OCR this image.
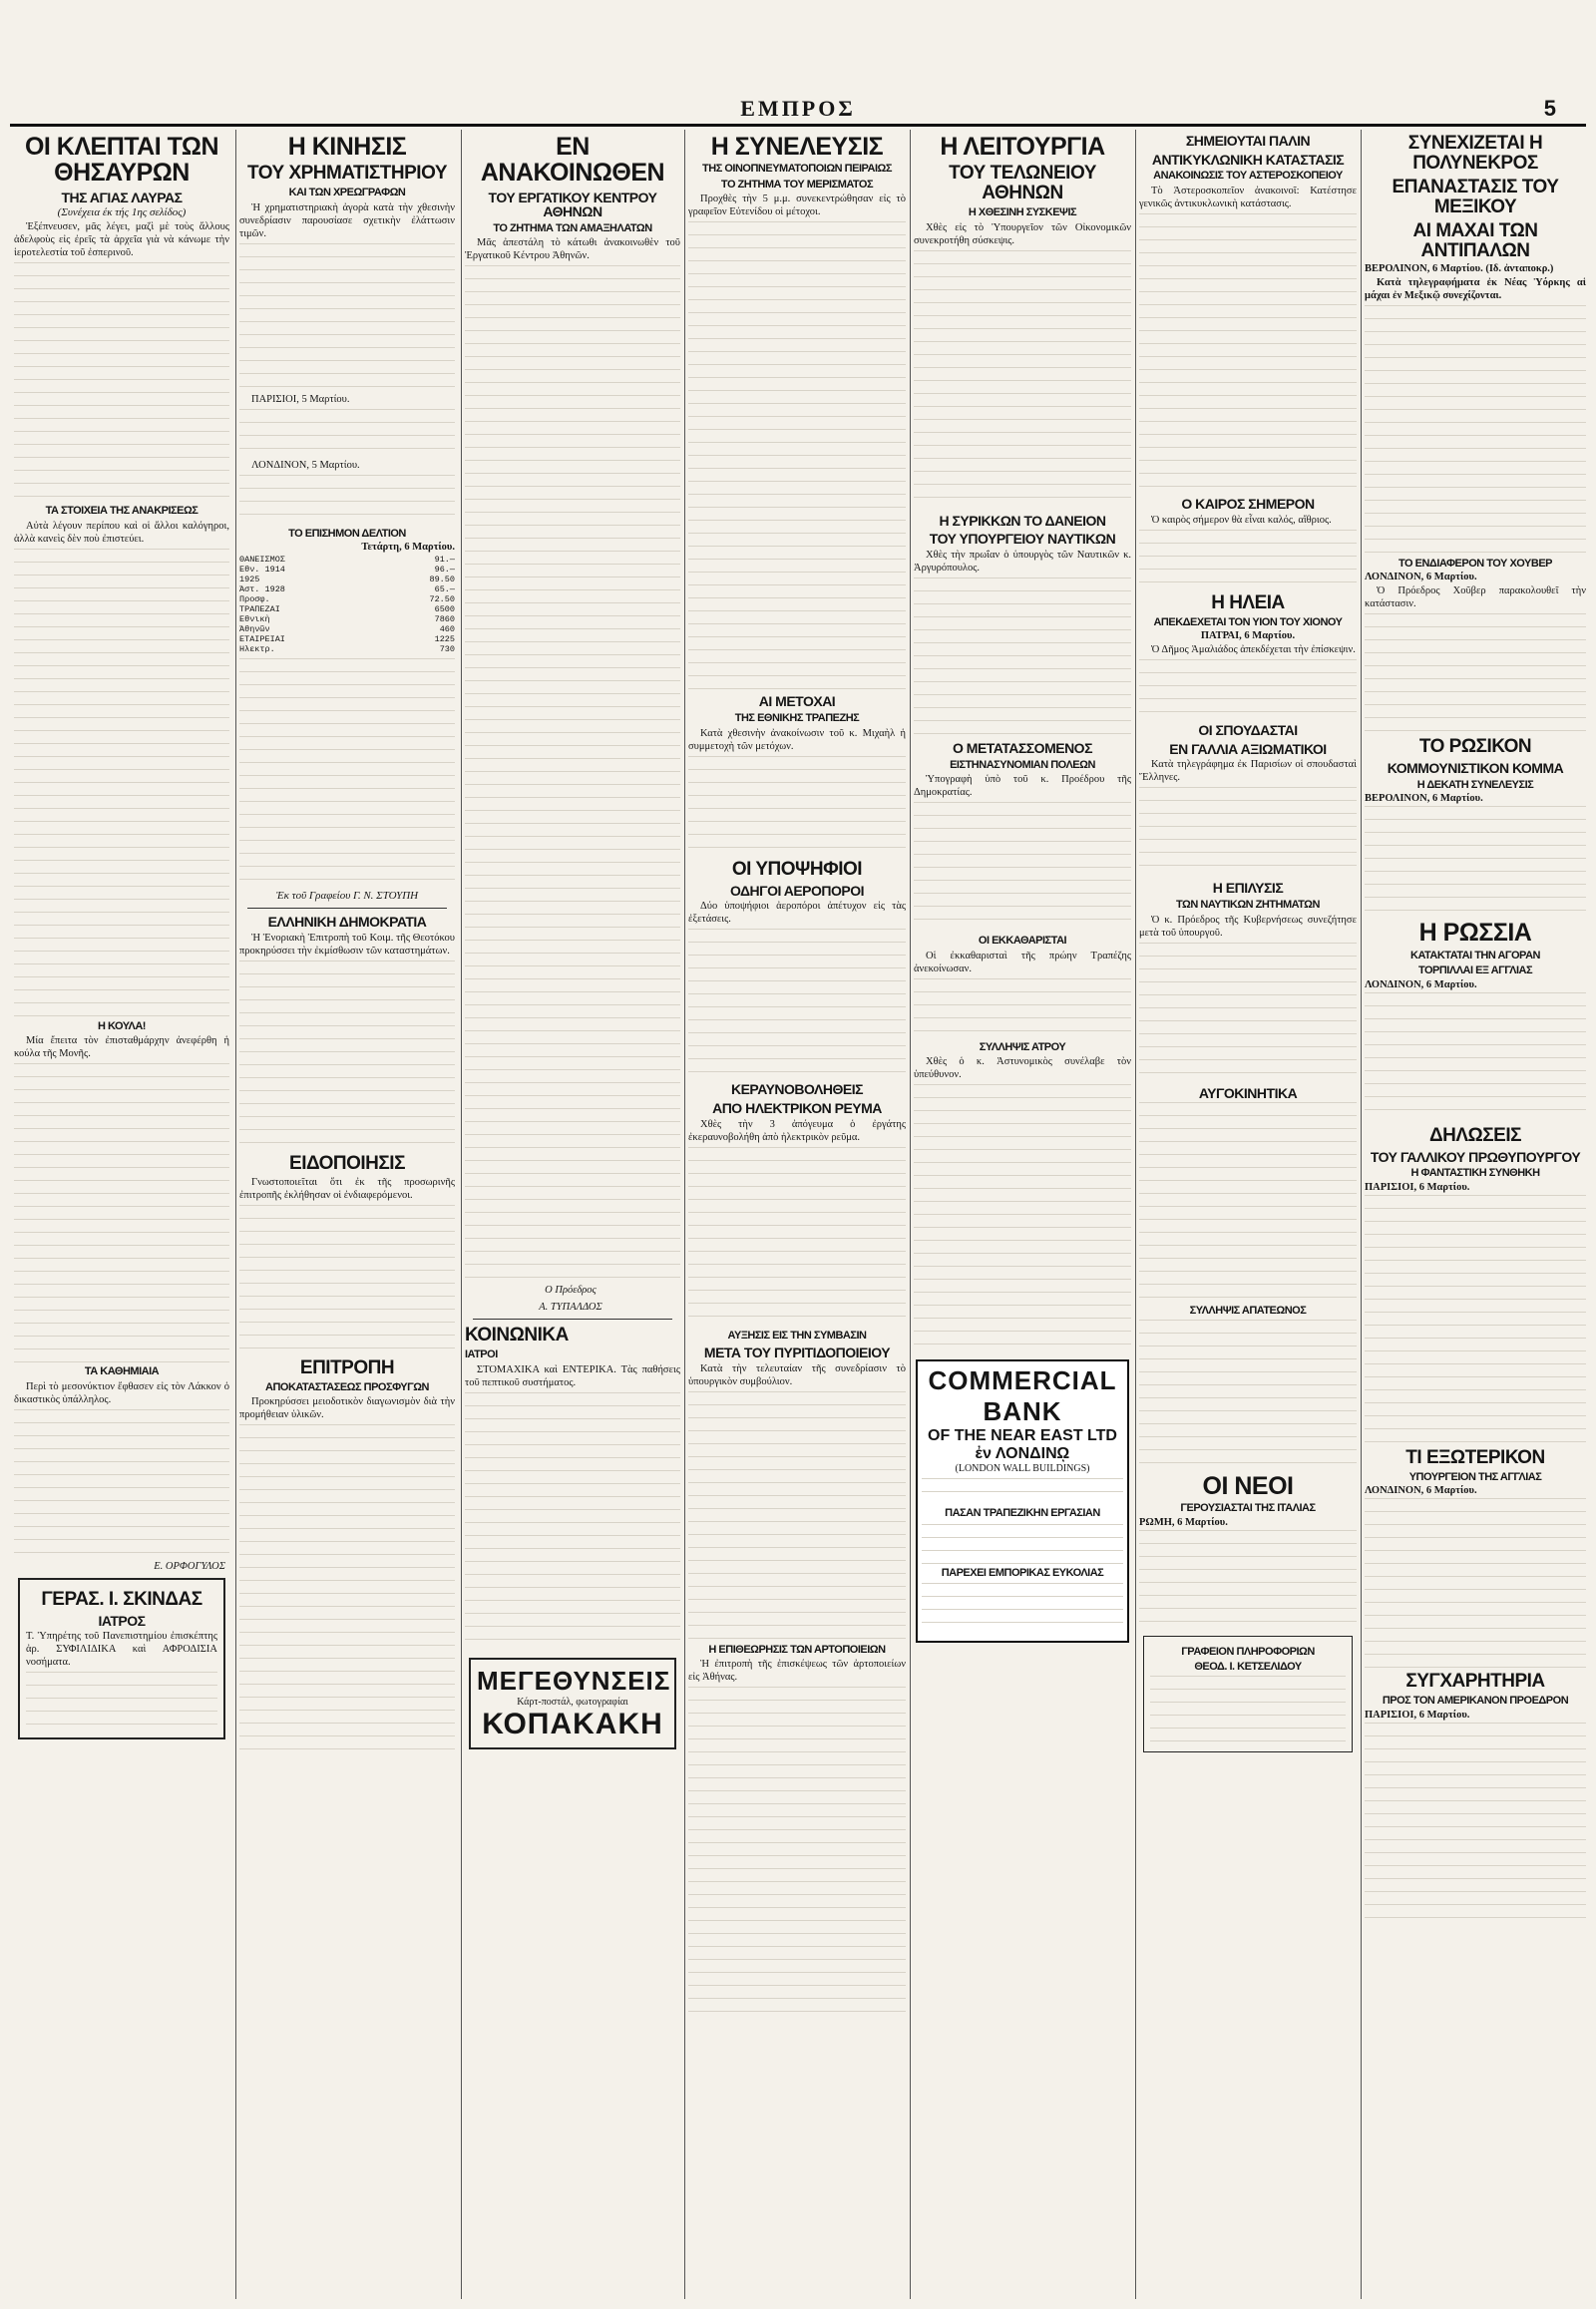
ΕΜΠΡΟΣ	5
ΟΙ ΚΛΕΠΤΑΙ ΤΩΝ ΘΗΣΑΥΡΩΝ
ΤΗΣ ΑΓΙΑΣ ΛΑΥΡΑΣ
(Συνέχεια έκ τής 1ης σελίδος)
Ἐξέπνευσεν, μᾶς λέγει, μαζὶ μὲ τοὺς ἄλλους ἀδελφοὺς εἰς ἐρεῖς τὰ ἀρχεῖα γιὰ νὰ κάνωμε τὴν ἱεροτελεστία τοῦ ἐσπερινοῦ.
ΤΑ ΣΤΟΙΧΕΙΑ ΤΗΣ ΑΝΑΚΡΙΣΕΩΣ
Αὐτὰ λέγουν περίπου καὶ οἱ ἄλλοι καλόγηροι, ἀλλὰ κανεὶς δὲν ποὺ ἐπιστεύει.
Η ΚΟΥΛΑ!
Μία ἔπειτα τὸν ἐπισταθμάρχην ἀνεφέρθη ἡ κούλα τῆς Μονῆς.
ΤΑ ΚΑΘΗΜΙΑΙΑ
Περὶ τὸ μεσονύκτιον ἔφθασεν εἰς τὸν Λάκκον ὁ δικαστικὸς ὑπάλληλος.
Ε. ΟΡΦΟΓΥΛΟΣ
ΓΕΡΑΣ. Ι. ΣΚΙΝΔΑΣ
ΙΑΤΡΟΣ
Τ. Ὑπηρέτης τοῦ Πανεπιστημίου ἐπισκέπτης ἀρ. ΣΥΦΙΛΙΔΙΚΑ καὶ ΑΦΡΟΔΙΣΙΑ νοσήματα.
Η ΚΙΝΗΣΙΣ
ΤΟΥ ΧΡΗΜΑΤΙΣΤΗΡΙΟΥ
ΚΑΙ ΤΩΝ ΧΡΕΩΓΡΑΦΩΝ
Ἡ χρηματιστηριακὴ ἀγορὰ κατὰ τὴν χθεσινὴν συνεδρίασιν παρουσίασε σχετικὴν ἐλάττωσιν τιμῶν.
ΠΑΡΙΣΙΟΙ, 5 Μαρτίου.
ΛΟΝΔΙΝΟΝ, 5 Μαρτίου.
ΤΟ ΕΠΙΣΗΜΟΝ ΔΕΛΤΙΟΝ
Τετάρτη, 6 Μαρτίου.
ΘΑΝΕΙΣΜΟΣ	91.—
Ἐθν. 1914	96.—
1925	89.50
Ἀστ. 1928	65.—
Προσφ.	72.50
ΤΡΑΠΕΖΑΙ	6500
Ἐθνικὴ	7860
Ἀθηνῶν	460
ΕΤΑΙΡΕΙΑΙ	1225
Ἡλεκτρ.	730
Ἐκ τοῦ Γραφείου Γ. Ν. ΣΤΟΥΠΗ
ΕΛΛΗΝΙΚΗ ΔΗΜΟΚΡΑΤΙΑ
Ἡ Ἐνοριακὴ Ἐπιτροπὴ τοῦ Κοιμ. τῆς Θεοτόκου προκηρύσσει τὴν ἐκμίσθωσιν τῶν καταστημάτων.
ΕΙΔΟΠΟΙΗΣΙΣ
Γνωστοποιεῖται ὅτι ἐκ τῆς προσωρινῆς ἐπιτροπῆς ἐκλήθησαν οἱ ἐνδιαφερόμενοι.
ΕΠΙΤΡΟΠΗ
ΑΠΟΚΑΤΑΣΤΑΣΕΩΣ ΠΡΟΣΦΥΓΩΝ
Προκηρύσσει μειοδοτικὸν διαγωνισμὸν διὰ τὴν προμήθειαν ὑλικῶν.
ΕΝ ΑΝΑΚΟΙΝΩΘΕΝ
ΤΟΥ ΕΡΓΑΤΙΚΟΥ ΚΕΝΤΡΟΥ ΑΘΗΝΩΝ
ΤΟ ΖΗΤΗΜΑ ΤΩΝ ΑΜΑΞΗΛΑΤΩΝ
Μᾶς ἀπεστάλη τὸ κάτωθι ἀνακοινωθὲν τοῦ Ἐργατικοῦ Κέντρου Ἀθηνῶν.
Ο Πρόεδρος
Α. ΤΥΠΑΛΔΟΣ
ΚΟΙΝΩΝΙΚΑ
ΙΑΤΡΟΙ
ΣΤΟΜΑΧΙΚΑ καὶ ΕΝΤΕΡΙΚΑ. Τὰς παθήσεις τοῦ πεπτικοῦ συστήματος.
ΜΕΓΕΘΥΝΣΕΙΣ
Κάρτ-ποστάλ, φωτογραφίαι
ΚΟΠΑΚΑΚΗ
Η ΣΥΝΕΛΕΥΣΙΣ
ΤΗΣ ΟΙΝΟΠΝΕΥΜΑΤΟΠΟΙΩΝ ΠΕΙΡΑΙΩΣ
ΤΟ ΖΗΤΗΜΑ ΤΟΥ ΜΕΡΙΣΜΑΤΟΣ
Προχθὲς τὴν 5 μ.μ. συνεκεντρώθησαν εἰς τὸ γραφεῖον Εὐτενίδου οἱ μέτοχοι.
ΑΙ ΜΕΤΟΧΑΙ
ΤΗΣ ΕΘΝΙΚΗΣ ΤΡΑΠΕΖΗΣ
Κατὰ χθεσινὴν ἀνακοίνωσιν τοῦ κ. Μιχαὴλ ἡ συμμετοχὴ τῶν μετόχων.
ΟΙ ΥΠΟΨΗΦΙΟΙ
ΟΔΗΓΟΙ ΑΕΡΟΠΟΡΟΙ
Δύο ὑποψήφιοι ἀεροπόροι ἀπέτυχον εἰς τὰς ἐξετάσεις.
ΚΕΡΑΥΝΟΒΟΛΗΘΕΙΣ
ΑΠΟ ΗΛΕΚΤΡΙΚΟΝ ΡΕΥΜΑ
Χθὲς τὴν 3 ἀπόγευμα ὁ ἐργάτης ἐκεραυνοβολήθη ἀπὸ ἠλεκτρικὸν ρεῦμα.
ΑΥΞΗΣΙΣ ΕΙΣ ΤΗΝ ΣΥΜΒΑΣΙΝ
ΜΕΤΑ ΤΟΥ ΠΥΡΙΤΙΔΟΠΟΙΕΙΟΥ
Κατὰ τὴν τελευταίαν τῆς συνεδρίασιν τὸ ὑπουργικὸν συμβούλιον.
Η ΕΠΙΘΕΩΡΗΣΙΣ ΤΩΝ ΑΡΤΟΠΟΙΕΙΩΝ
Ἡ ἐπιτροπὴ τῆς ἐπισκέψεως τῶν ἀρτοποιείων εἰς Ἀθήνας.
Η ΛΕΙΤΟΥΡΓΙΑ
ΤΟΥ ΤΕΛΩΝΕΙΟΥ ΑΘΗΝΩΝ
Η ΧΘΕΣΙΝΗ ΣΥΣΚΕΨΙΣ
Χθὲς εἰς τὸ Ὑπουργεῖον τῶν Οἰκονομικῶν συνεκροτήθη σύσκεψις.
Η ΣΥΡΙΚΚΩΝ ΤΟ ΔΑΝΕΙΟΝ
ΤΟΥ ΥΠΟΥΡΓΕΙΟΥ ΝΑΥΤΙΚΩΝ
Χθὲς τὴν πρωΐαν ὁ ὑπουργὸς τῶν Ναυτικῶν κ. Ἀργυρόπουλος.
Ο ΜΕΤΑΤΑΣΣΟΜΕΝΟΣ
ΕΙΣΤΗΝΑΣΥΝΟΜΙΑΝ ΠΟΛΕΩΝ
Ὑπογραφὴ ὑπὸ τοῦ κ. Προέδρου τῆς Δημοκρατίας.
ΟΙ ΕΚΚΑΘΑΡΙΣΤΑΙ
Οἱ ἐκκαθαρισταὶ τῆς πρώην Τραπέζης ἀνεκοίνωσαν.
ΣΥΛΛΗΨΙΣ ΑΤΡΟΥ
Χθὲς ὁ κ. Ἀστυνομικὸς συνέλαβε τὸν ὑπεύθυνον.
COMMERCIAL BANK
OF THE NEAR EAST LTD
ἐν ΛΟΝΔΙΝῼ
(LONDON WALL BUILDINGS)
ΠΑΣΑΝ ΤΡΑΠΕΖΙΚΗΝ ΕΡΓΑΣΙΑΝ
ΠΑΡΕΧΕΙ ΕΜΠΟΡΙΚΑΣ ΕΥΚΟΛΙΑΣ
ΣΗΜΕΙΟΥΤΑΙ ΠΑΛΙΝ
ΑΝΤΙΚΥΚΛΩΝΙΚΗ ΚΑΤΑΣΤΑΣΙΣ
ΑΝΑΚΟΙΝΩΣΙΣ ΤΟΥ ΑΣΤΕΡΟΣΚΟΠΕΙΟΥ
Τὸ Ἀστεροσκοπεῖον ἀνακοινοῖ: Κατέστησε γενικῶς ἀντικυκλωνικὴ κατάστασις.
Ο ΚΑΙΡΟΣ ΣΗΜΕΡΟΝ
Ὁ καιρὸς σήμερον θὰ εἶναι καλός, αἴθριος.
Η ΗΛΕΙΑ
ΑΠΕΚΔΕΧΕΤΑΙ ΤΟΝ ΥΙΟΝ ΤΟΥ ΧΙΟΝΟΥ
ΠΑΤΡΑΙ, 6 Μαρτίου.
Ὁ Δῆμος Ἀμαλιάδος ἀπεκδέχεται τὴν ἐπίσκεψιν.
ΟΙ ΣΠΟΥΔΑΣΤΑΙ
ΕΝ ΓΑΛΛΙΑ ΑΞΙΩΜΑΤΙΚΟΙ
Κατὰ τηλεγράφημα ἐκ Παρισίων οἱ σπουδασταὶ Ἕλληνες.
Η ΕΠΙΛΥΣΙΣ
ΤΩΝ ΝΑΥΤΙΚΩΝ ΖΗΤΗΜΑΤΩΝ
Ὁ κ. Πρόεδρος τῆς Κυβερνήσεως συνεζήτησε μετὰ τοῦ ὑπουργοῦ.
ΑΥΓΟΚΙΝΗΤΙΚΑ
ΣΥΛΛΗΨΙΣ ΑΠΑΤΕΩΝΟΣ
ΟΙ ΝΕΟΙ
ΓΕΡΟΥΣΙΑΣΤΑΙ ΤΗΣ ΙΤΑΛΙΑΣ
ΡΩΜΗ, 6 Μαρτίου.
ΓΡΑΦΕΙΟΝ ΠΛΗΡΟΦΟΡΙΩΝ
ΘΕΟΔ. Ι. ΚΕΤΣΕΛΙΔΟΥ
ΣΥΝΕΧΙΖΕΤΑΙ Η ΠΟΛΥΝΕΚΡΟΣ
ΕΠΑΝΑΣΤΑΣΙΣ ΤΟΥ ΜΕΞΙΚΟΥ
ΑΙ ΜΑΧΑΙ ΤΩΝ ΑΝΤΙΠΑΛΩΝ
ΒΕΡΟΛΙΝΟΝ, 6 Μαρτίου. (Ιδ. ἀνταποκρ.)
Κατὰ τηλεγραφήματα ἐκ Νέας Ὑόρκης αἱ μάχαι ἐν Μεξικῷ συνεχίζονται.
ΤΟ ΕΝΔΙΑΦΕΡΟΝ ΤΟΥ ΧΟΥΒΕΡ
ΛΟΝΔΙΝΟΝ, 6 Μαρτίου.
Ὁ Πρόεδρος Χοῦβερ παρακολουθεῖ τὴν κατάστασιν.
ΤΟ ΡΩΣΙΚΟΝ
ΚΟΜΜΟΥΝΙΣΤΙΚΟΝ ΚΟΜΜΑ
Η ΔΕΚΑΤΗ ΣΥΝΕΛΕΥΣΙΣ
ΒΕΡΟΛΙΝΟΝ, 6 Μαρτίου.
Η ΡΩΣΣΙΑ
ΚΑΤΑΚΤΑΤΑΙ ΤΗΝ ΑΓΟΡΑΝ
ΤΟΡΠΙΛΛΑΙ ΕΞ ΑΓΓΛΙΑΣ
ΛΟΝΔΙΝΟΝ, 6 Μαρτίου.
ΔΗΛΩΣΕΙΣ
ΤΟΥ ΓΑΛΛΙΚΟΥ ΠΡΩΘΥΠΟΥΡΓΟΥ
Η ΦΑΝΤΑΣΤΙΚΗ ΣΥΝΘΗΚΗ
ΠΑΡΙΣΙΟΙ, 6 Μαρτίου.
ΤΙ ΕΞΩΤΕΡΙΚΟΝ
ΥΠΟΥΡΓΕΙΟΝ ΤΗΣ ΑΓΓΛΙΑΣ
ΛΟΝΔΙΝΟΝ, 6 Μαρτίου.
ΣΥΓΧΑΡΗΤΗΡΙΑ
ΠΡΟΣ ΤΟΝ ΑΜΕΡΙΚΑΝΟΝ ΠΡΟΕΔΡΟΝ
ΠΑΡΙΣΙΟΙ, 6 Μαρτίου.
